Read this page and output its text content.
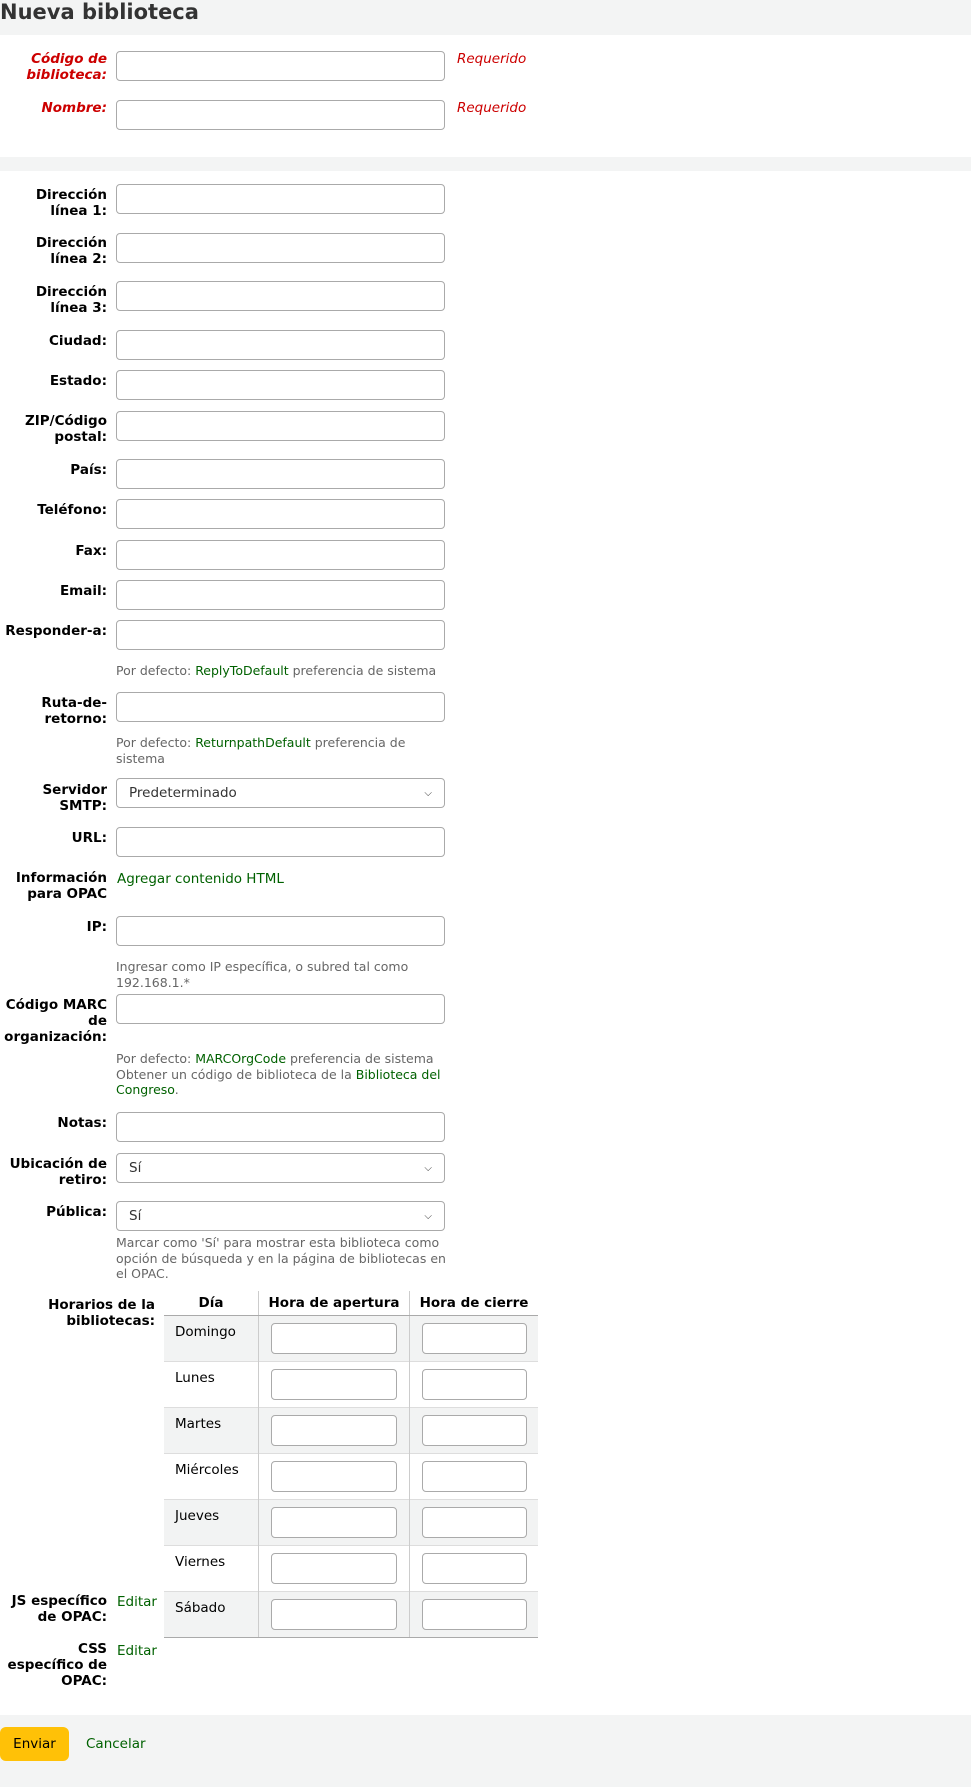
Nueva biblioteca
Código de biblioteca:
Requerido
Nombre:	Requerido
Dirección línea 1:
Dirección línea 2:
Dirección línea 3:
Ciudad:
Estado:
ZIP/Código postal:
País:
Teléfono:
Fax:
Email:
Responder-a:
Por defecto: ReplyToDefault preferencia de sistema
Ruta-de-retorno:
Por defecto: ReturnpathDefault preferencia de sistema
Servidor SMTP:
Predeterminado	⌵
URL:
Información para OPAC
Agregar contenido HTML
IP:
Ingresar como IP específica, o subred tal como 192.168.1.*
Código MARC de organización:
Por defecto: MARCOrgCode preferencia de sistema
Obtener un código de biblioteca de la Biblioteca del Congreso.
Notas:
Ubicación de retiro:
Sí	⌵
Pública: Sí	⌵
Marcar como 'Sí' para mostrar esta biblioteca como opción de búsqueda y en la página de bibliotecas en el OPAC.
Horarios de la bibliotecas:
JS específico de OPAC:
Editar
CSS específico de OPAC:
Editar
Día	Hora de apertura	Hora de cierre
Domingo	

Lunes	

Martes	

Miércoles	

Jueves	

Viernes	

Sábado	

Enviar	Cancelar
